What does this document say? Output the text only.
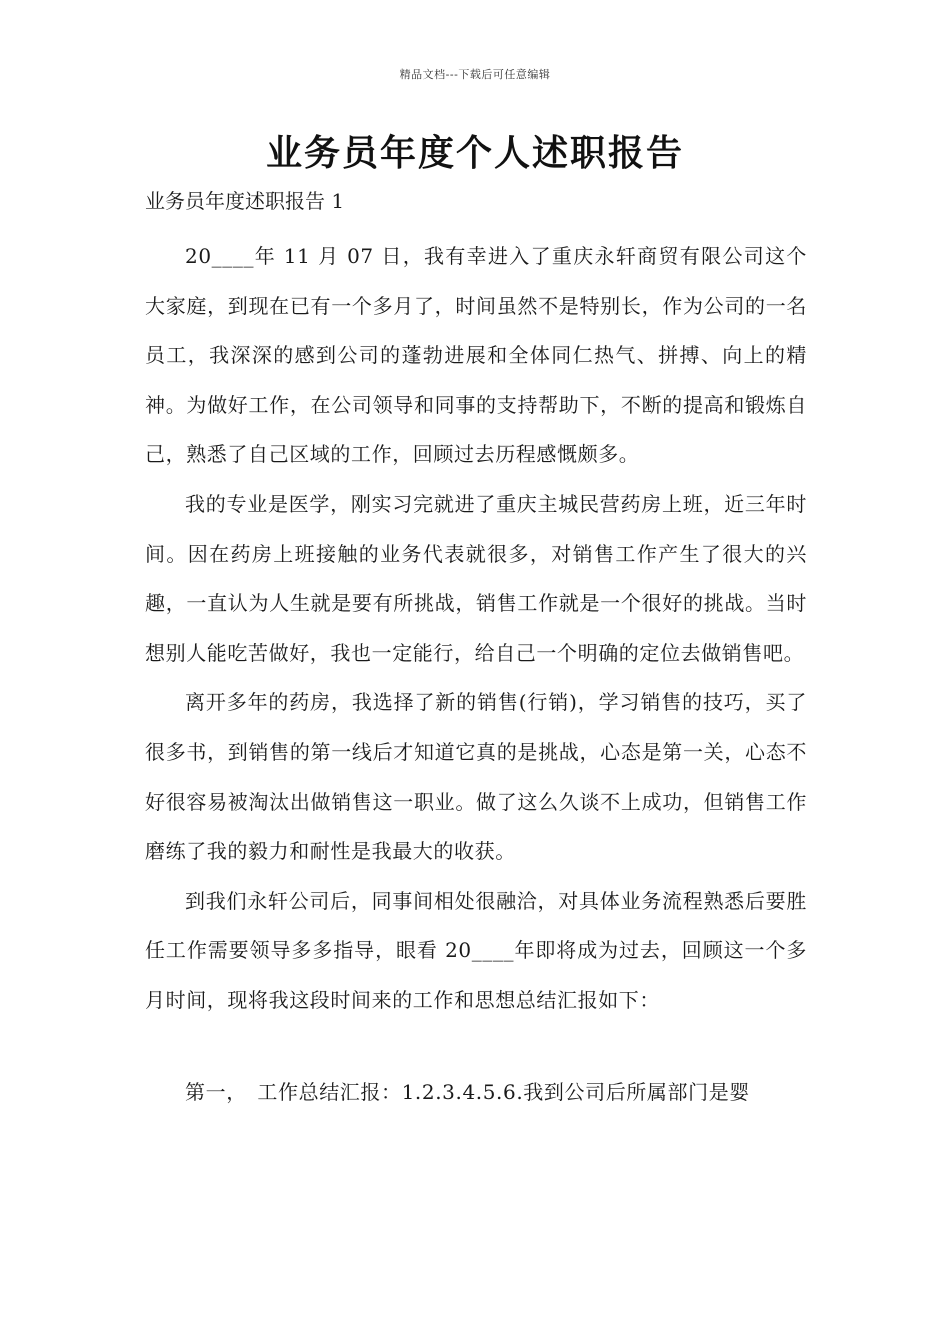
精品文档---下载后可任意编辑
业务员年度个人述职报告
业务员年度述职报告 1

20____年 11 月 07 日，我有幸进入了重庆永轩商贸有限公司这个大家庭，到现在已有一个多月了，时间虽然不是特别长，作为公司的一名员工，我深深的感到公司的蓬勃进展和全体同仁热气、拼搏、向上的精神。为做好工作，在公司领导和同事的支持帮助下，不断的提高和锻炼自己，熟悉了自己区域的工作，回顾过去历程感慨颇多。

我的专业是医学，刚实习完就进了重庆主城民营药房上班，近三年时间。因在药房上班接触的业务代表就很多，对销售工作产生了很大的兴趣，一直认为人生就是要有所挑战，销售工作就是一个很好的挑战。当时想别人能吃苦做好，我也一定能行，给自己一个明确的定位去做销售吧。

离开多年的药房，我选择了新的销售(行销)，学习销售的技巧，买了很多书，到销售的第一线后才知道它真的是挑战，心态是第一关，心态不好很容易被淘汰出做销售这一职业。做了这么久谈不上成功，但销售工作磨练了我的毅力和耐性是我最大的收获。

到我们永轩公司后，同事间相处很融洽，对具体业务流程熟悉后要胜任工作需要领导多多指导，眼看 20____年即将成为过去，回顾这一个多月时间，现将我这段时间来的工作和思想总结汇报如下：

第一，　工作总结汇报：1.2.3.4.5.6.我到公司后所属部门是婴
